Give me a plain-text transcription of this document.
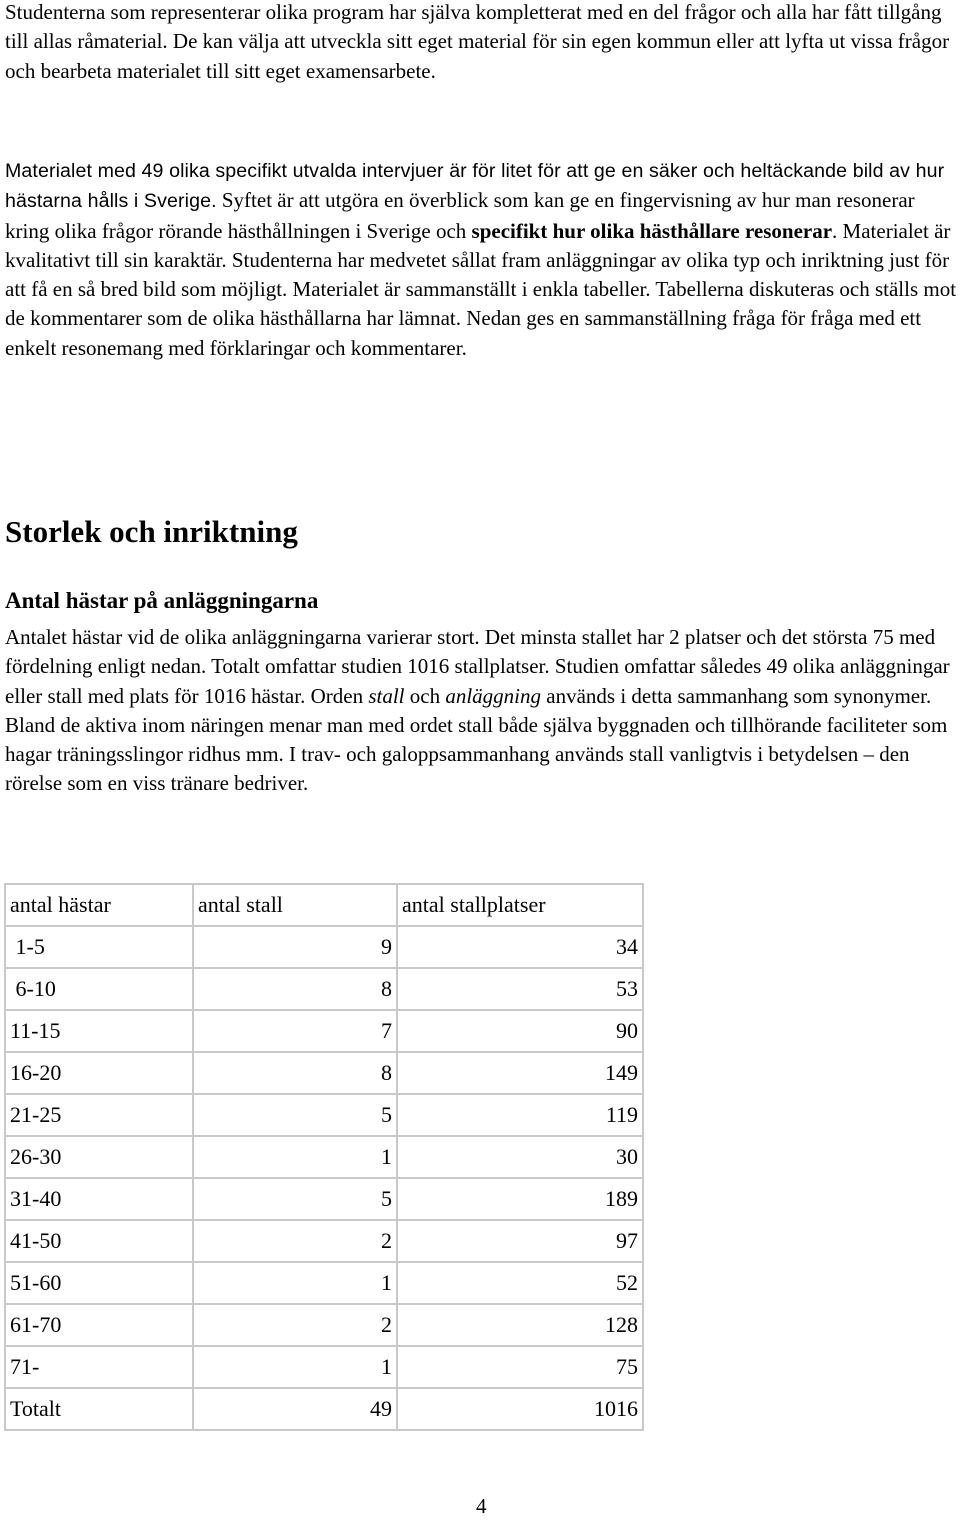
Studenterna som representerar olika program har själva kompletterat med en del frågor och alla har fått tillgång till allas råmaterial. De kan välja att utveckla sitt eget material för sin egen kommun eller att lyfta ut vissa frågor och bearbeta materialet till sitt eget examensarbete.

Materialet med 49 olika specifikt utvalda intervjuer är för litet för att ge en säker och heltäckande bild av hur hästarna hålls i Sverige. Syftet är att utgöra en överblick som kan ge en fingervisning av hur man resonerar kring olika frågor rörande hästhållningen i Sverige och specifikt hur olika hästhållare resonerar. Materialet är kvalitativt till sin karaktär. Studenterna har medvetet sållat fram anläggningar av olika typ och inriktning just för att få en så bred bild som möjligt. Materialet är sammanställt i enkla tabeller. Tabellerna diskuteras och ställs mot de kommentarer som de olika hästhållarna har lämnat. Nedan ges en sammanställning fråga för fråga med ett enkelt resonemang med förklaringar och kommentarer.

Storlek och inriktning
Antal hästar på anläggningarna

Antalet hästar vid de olika anläggningarna varierar stort. Det minsta stallet har 2 platser och det största 75 med fördelning enligt nedan. Totalt omfattar studien 1016 stallplatser. Studien omfattar således 49 olika anläggningar eller stall med plats för 1016 hästar. Orden stall och anläggning används i detta sammanhang som synonymer. Bland de aktiva inom näringen menar man med ordet stall både själva byggnaden och tillhörande faciliteter som hagar träningsslingor ridhus mm. I trav- och galoppsammanhang används stall vanligtvis i betydelsen – den rörelse som en viss tränare bedriver.

antal hästar	antal stall	antal stallplatser
1-5	9	34
6-10	8	53
11-15	7	90
16-20	8	149
21-25	5	119
26-30	1	30
31-40	5	189
41-50	2	97
51-60	1	52
61-70	2	128
71-	1	75
Totalt	49	1016
4
